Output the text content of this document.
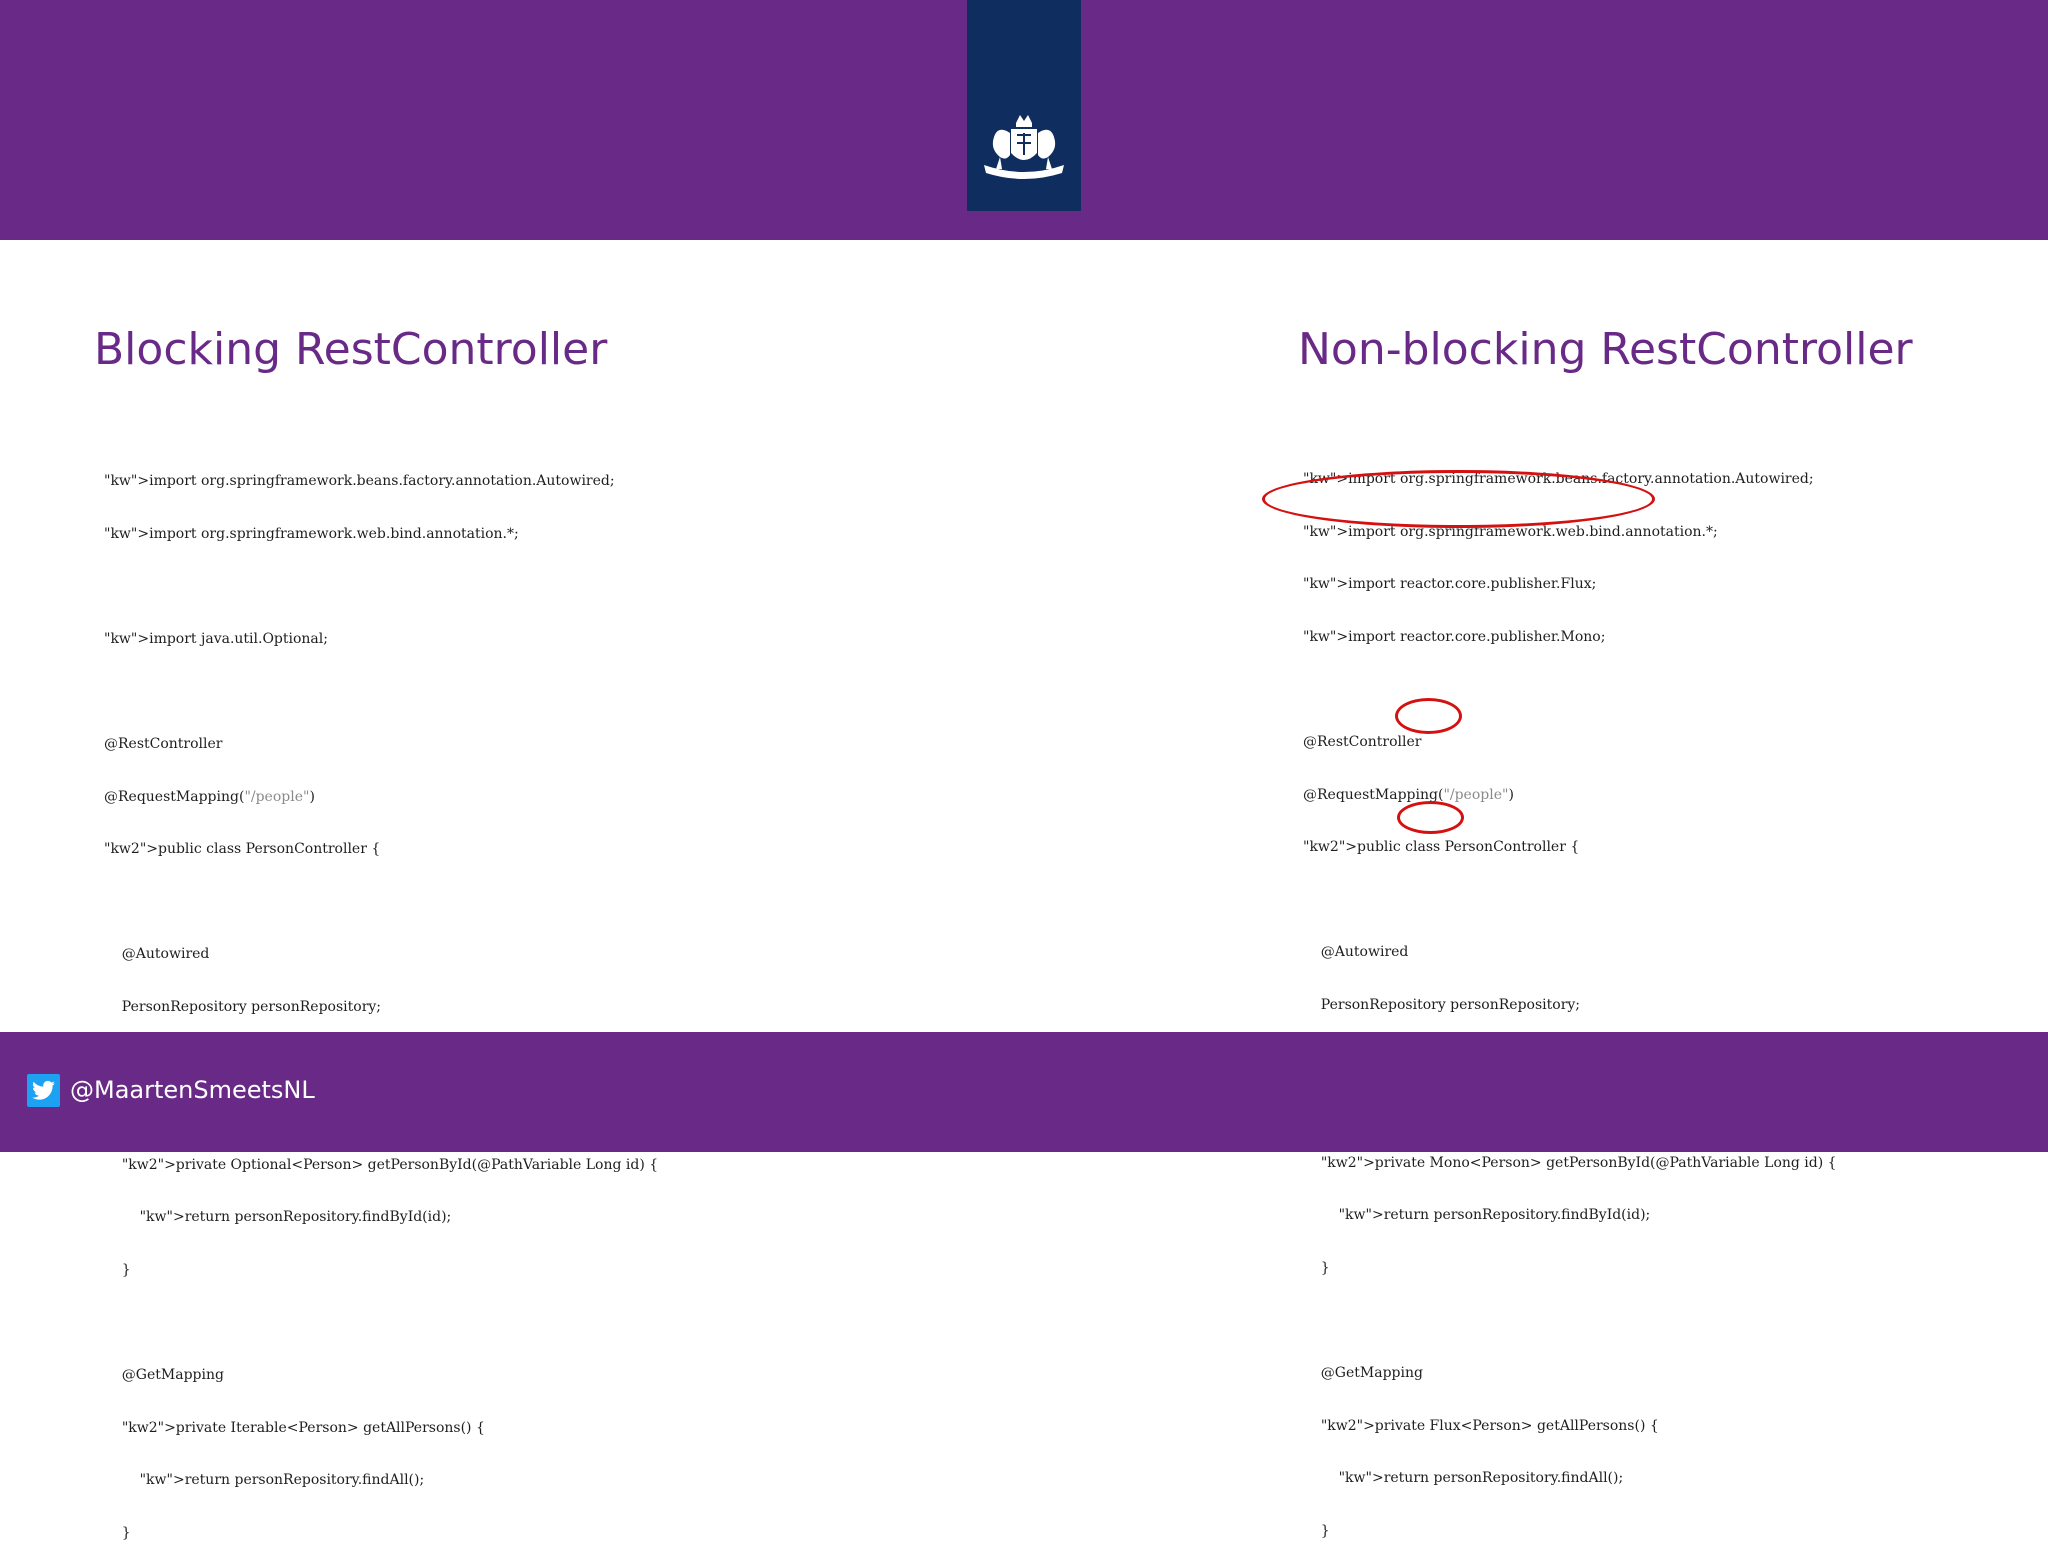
Blocking RestController	Non-blocking RestController

"kw">import org.springframework.beans.factory.annotation.Autowired;

"kw">import org.springframework.web.bind.annotation.*;

"kw">import java.util.Optional;

@RestController

@RequestMapping("/people")

"kw2">public class PersonController {

@Autowired

PersonRepository personRepository;

"kw2">private Optional<Person> getPersonById(@PathVariable Long id) {

"kw">return personRepository.findById(id);

}

@GetMapping

"kw2">private Iterable<Person> getAllPersons() {

"kw">return personRepository.findAll();

}

"kw">import org.springframework.beans.factory.annotation.Autowired;

"kw">import org.springframework.web.bind.annotation.*;

"kw">import reactor.core.publisher.Flux;

"kw">import reactor.core.publisher.Mono;

@RestController

@RequestMapping("/people")

"kw2">public class PersonController {

@Autowired

PersonRepository personRepository;

"kw2">private Mono<Person> getPersonById(@PathVariable Long id) {

"kw">return personRepository.findById(id);

}

@GetMapping

"kw2">private Flux<Person> getAllPersons() {

"kw">return personRepository.findAll();

}

@MaartenSmeetsNL
